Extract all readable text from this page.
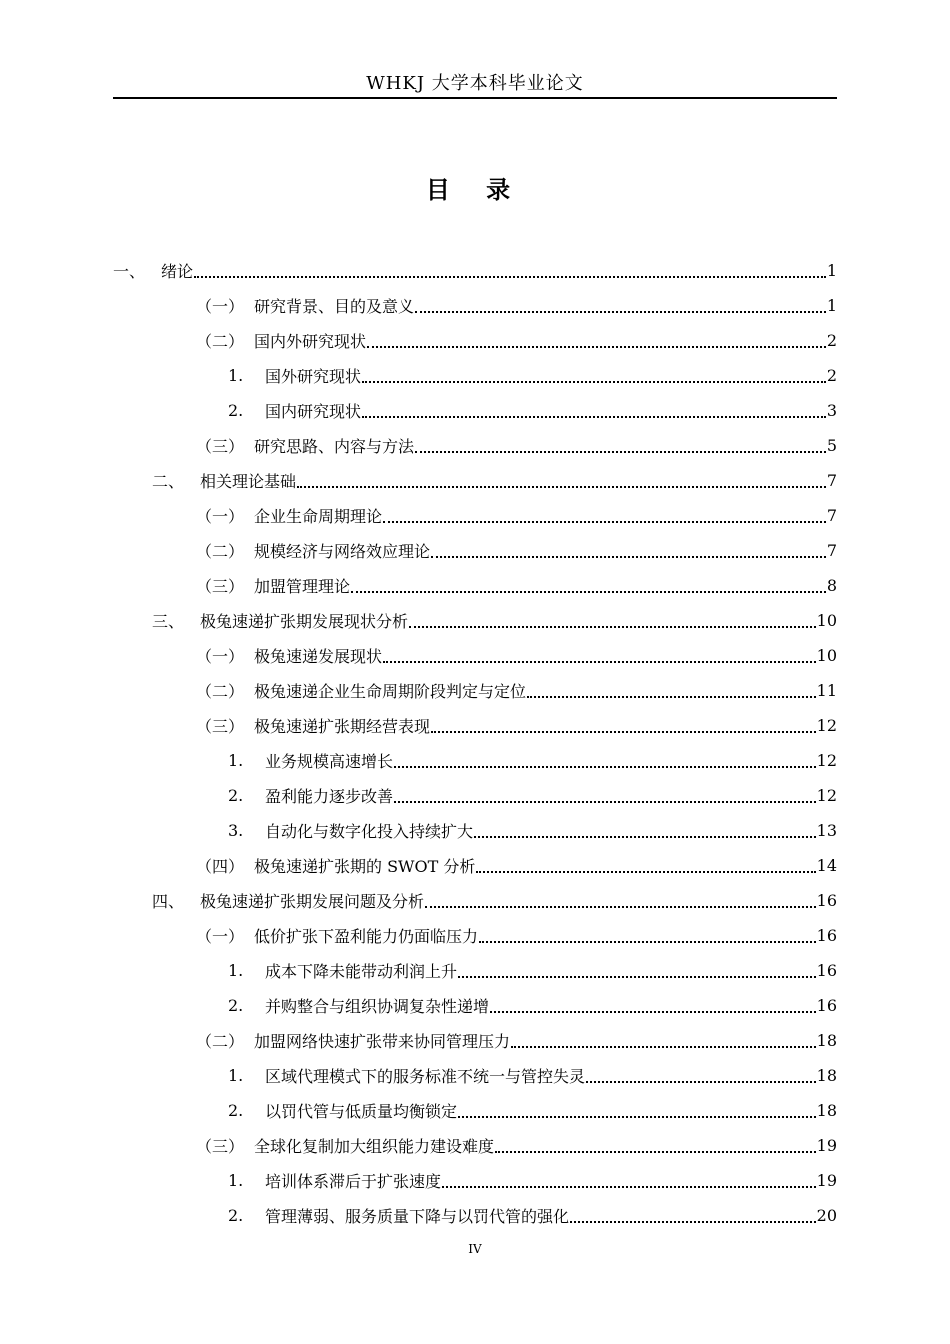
WHKJ 大学本科毕业论文
目 录
一、 绪论	1
（一） 研究背景、目的及意义	1
（二） 国内外研究现状	2
1.	国外研究现状	2
2.	国内研究现状	3
（三） 研究思路、内容与方法	5
二、 相关理论基础	7
（一） 企业生命周期理论	7
（二） 规模经济与网络效应理论	7
（三） 加盟管理理论	8
三、 极兔速递扩张期发展现状分析	10
（一） 极兔速递发展现状	10
（二） 极兔速递企业生命周期阶段判定与定位	11
（三） 极兔速递扩张期经营表现	12
1.	业务规模高速增长	12
2.	盈利能力逐步改善	12
3.	自动化与数字化投入持续扩大	13
（四） 极兔速递扩张期的 SWOT 分析	14
四、 极兔速递扩张期发展问题及分析	16
（一） 低价扩张下盈利能力仍面临压力	16
1.	成本下降未能带动利润上升	16
2.	并购整合与组织协调复杂性递增	16
（二） 加盟网络快速扩张带来协同管理压力	18
1.	区域代理模式下的服务标准不统一与管控失灵	18
2.	以罚代管与低质量均衡锁定	18
（三） 全球化复制加大组织能力建设难度	19
1.	培训体系滞后于扩张速度	19
2.	管理薄弱、服务质量下降与以罚代管的强化	20
IV
